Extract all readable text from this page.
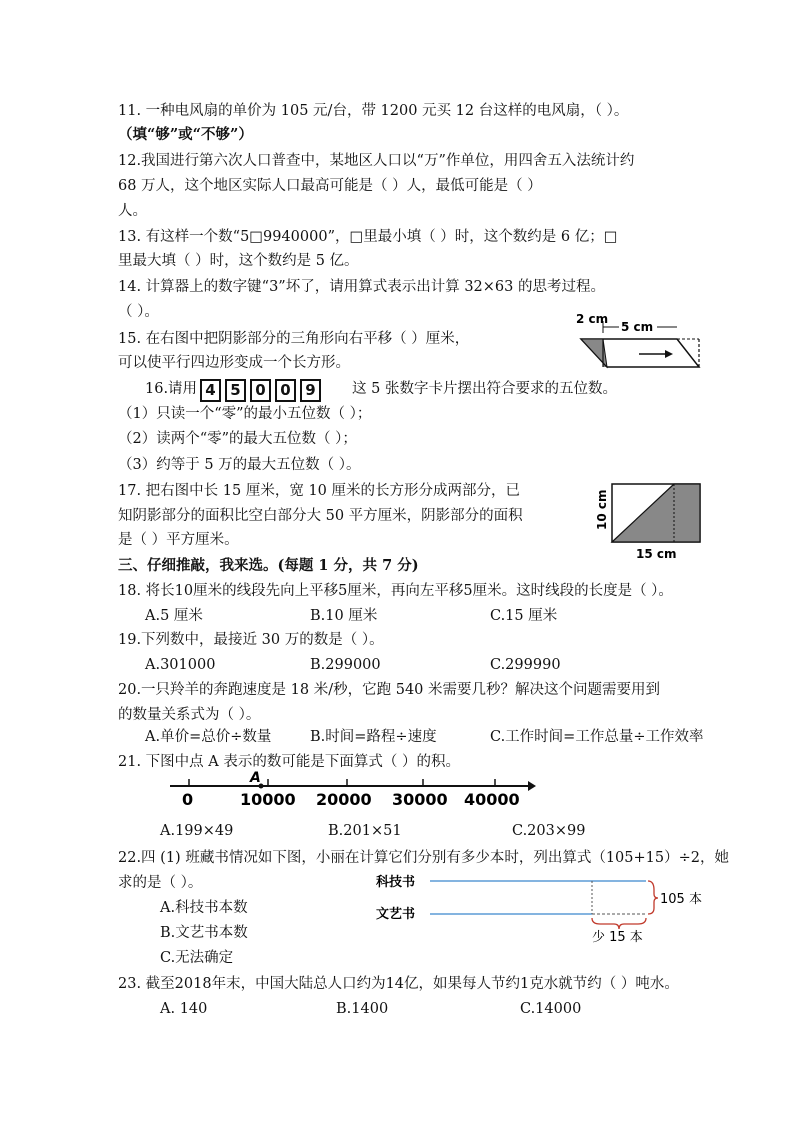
11. 一种电风扇的单价为 105 元/台，带 1200 元买 12 台这样的电风扇，（ ）。
（填“够”或“不够”）
12.我国进行第六次人口普查中，某地区人口以“万”作单位，用四舍五入法统计约
68 万人，这个地区实际人口最高可能是（ ）人，最低可能是（ ）
人。
13. 有这样一个数“5□9940000”，□里最小填（ ）时，这个数约是 6 亿；□
里最大填（ ）时，这个数约是 5 亿。
14. 计算器上的数字键“3”坏了，请用算式表示出计算 32×63 的思考过程。
（ ）。
15. 在右图中把阴影部分的三角形向右平移（ ）厘米，
可以使平行四边形变成一个长方形。
2 cm
5 cm
16.请用 4 5 0 0 9	这 5 张数字卡片摆出符合要求的五位数。
（1）只读一个“零”的最小五位数（ ）；
（2）读两个“零”的最大五位数（ ）；
（3）约等于 5 万的最大五位数（ ）。
17. 把右图中长 15 厘米，宽 10 厘米的长方形分成两部分，已
知阴影部分的面积比空白部分大 50 平方厘米，阴影部分的面积
是（ ）平方厘米。
10 cm
15 cm
三、仔细推敲，我来选。(每题 1 分，共 7 分)
18. 将长10厘米的线段先向上平移5厘米，再向左平移5厘米。这时线段的长度是（ ）。
A.5 厘米	B.10 厘米	C.15 厘米
19.下列数中，最接近 30 万的数是（ ）。
A.301000	B.299000	C.299990
20.一只羚羊的奔跑速度是 18 米/秒，它跑 540 米需要几秒？解决这个问题需要用到
的数量关系式为（ ）。
A.单价=总价÷数量	B.时间=路程÷速度	C.工作时间=工作总量÷工作效率
21. 下图中点 A 表示的数可能是下面算式（ ）的积。
A
0	10000 20000 30000 40000
A.199×49	B.201×51	C.203×99
22.四 (1) 班藏书情况如下图，小丽在计算它们分别有多少本时，列出算式（105+15）÷2，她
求的是（ ）。
A.科技书本数
B.文艺书本数
C.无法确定
科技书
文艺书
105 本
少 15 本
23. 截至2018年末，中国大陆总人口约为14亿，如果每人节约1克水就节约（ ）吨水。
A. 140	B.1400	C.14000
